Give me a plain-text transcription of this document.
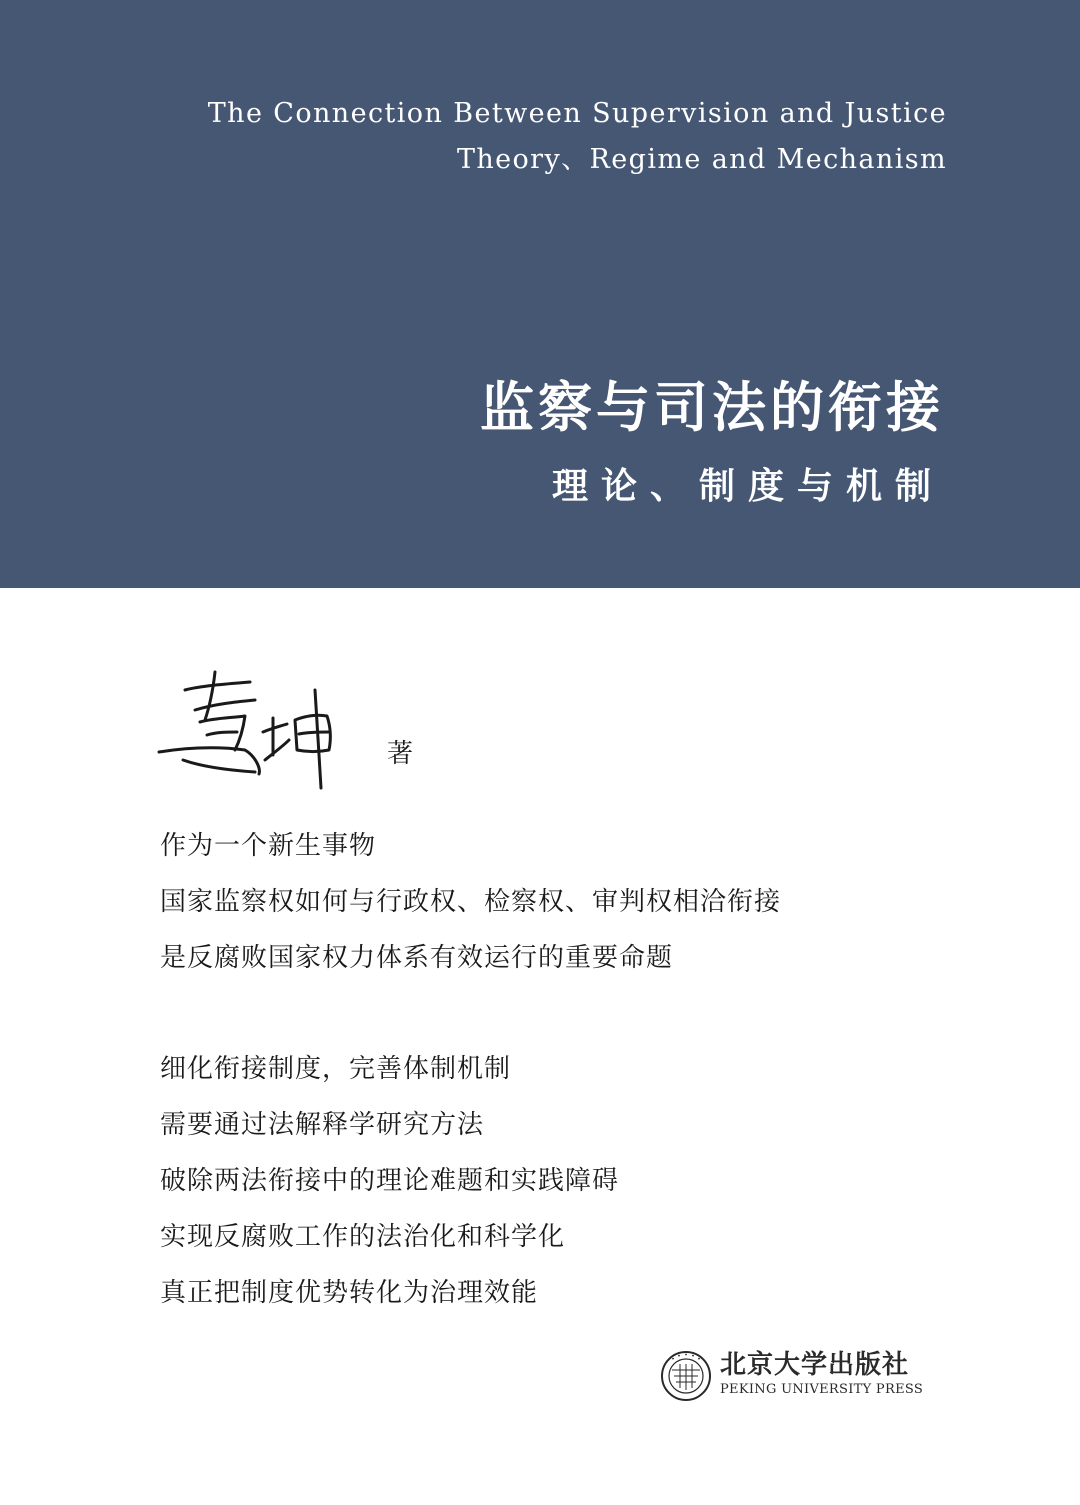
The Connection Between Supervision and Justice
Theory、Regime and Mechanism
监察与司法的衔接
理论、制度与机制
著
作为一个新生事物
国家监察权如何与行政权、检察权、审判权相洽衔接
是反腐败国家权力体系有效运行的重要命题
细化衔接制度，完善体制机制
需要通过法解释学研究方法
破除两法衔接中的理论难题和实践障碍
实现反腐败工作的法治化和科学化
真正把制度优势转化为治理效能
北京大学出版社
PEKING UNIVERSITY PRESS
